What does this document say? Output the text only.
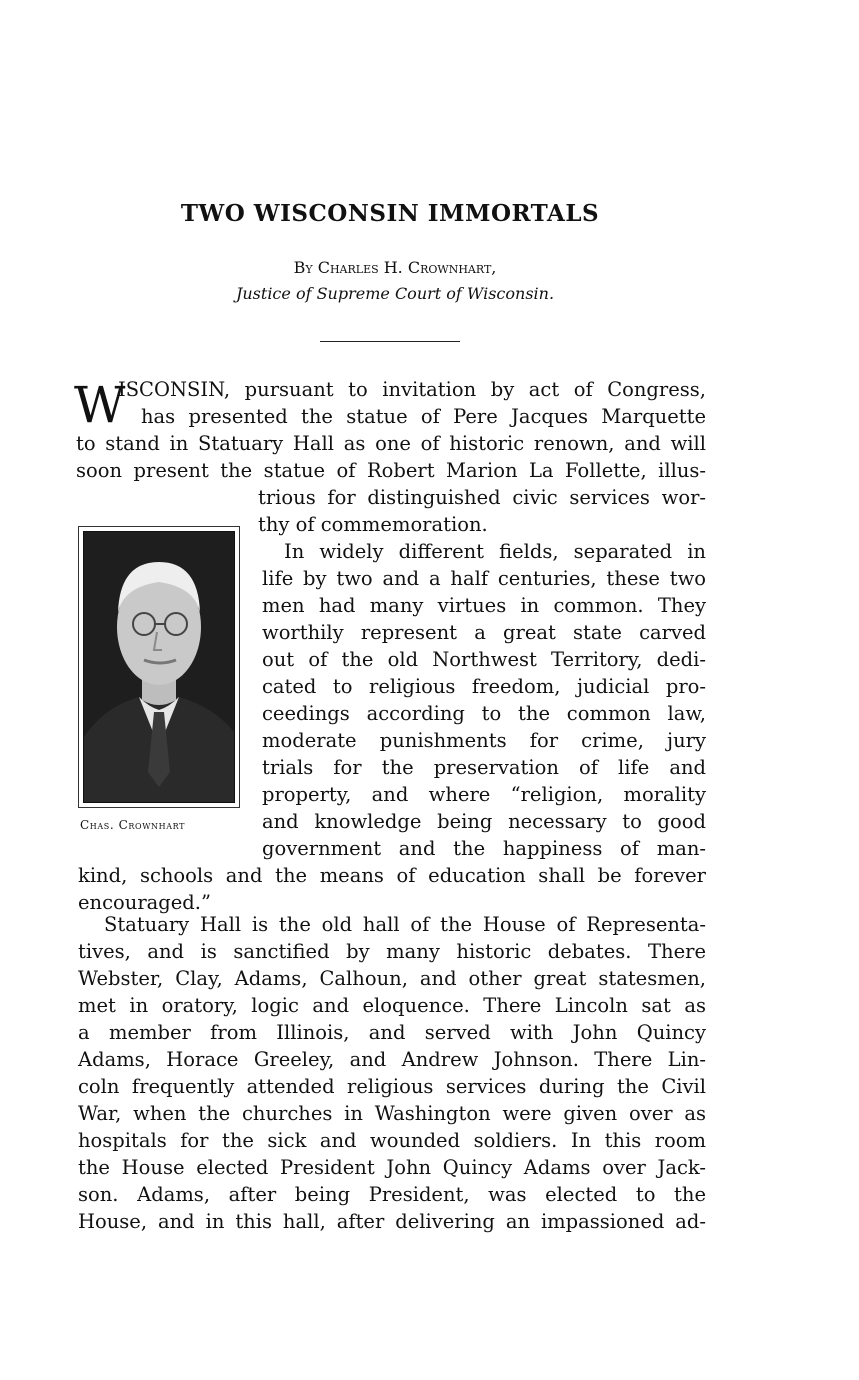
TWO WISCONSIN IMMORTALS
By Charles H. Crownhart,
Justice of Supreme Court of Wisconsin.
W
ISCONSIN, pursuant to invitation by act of Congress,
has presented the statue of Pere Jacques Marquette
to stand in Statuary Hall as one of historic renown, and will
soon present the statue of Robert Marion La Follette, illus-
trious for distinguished civic services wor-
thy of commemoration.
Chas. Crownhart
In widely different fields, separated in
life by two and a half centuries, these two
men had many virtues in common. They
worthily represent a great state carved
out of the old Northwest Territory, dedi-
cated to religious freedom, judicial pro-
ceedings according to the common law,
moderate punishments for crime, jury
trials for the preservation of life and
property, and where “religion, morality
and knowledge being necessary to good
government and the happiness of man-
kind, schools and the means of education shall be forever
encouraged.”
Statuary Hall is the old hall of the House of Representa-
tives, and is sanctified by many historic debates. There
Webster, Clay, Adams, Calhoun, and other great statesmen,
met in oratory, logic and eloquence. There Lincoln sat as
a member from Illinois, and served with John Quincy
Adams, Horace Greeley, and Andrew Johnson. There Lin-
coln frequently attended religious services during the Civil
War, when the churches in Washington were given over as
hospitals for the sick and wounded soldiers. In this room
the House elected President John Quincy Adams over Jack-
son. Adams, after being President, was elected to the
House, and in this hall, after delivering an impassioned ad-
